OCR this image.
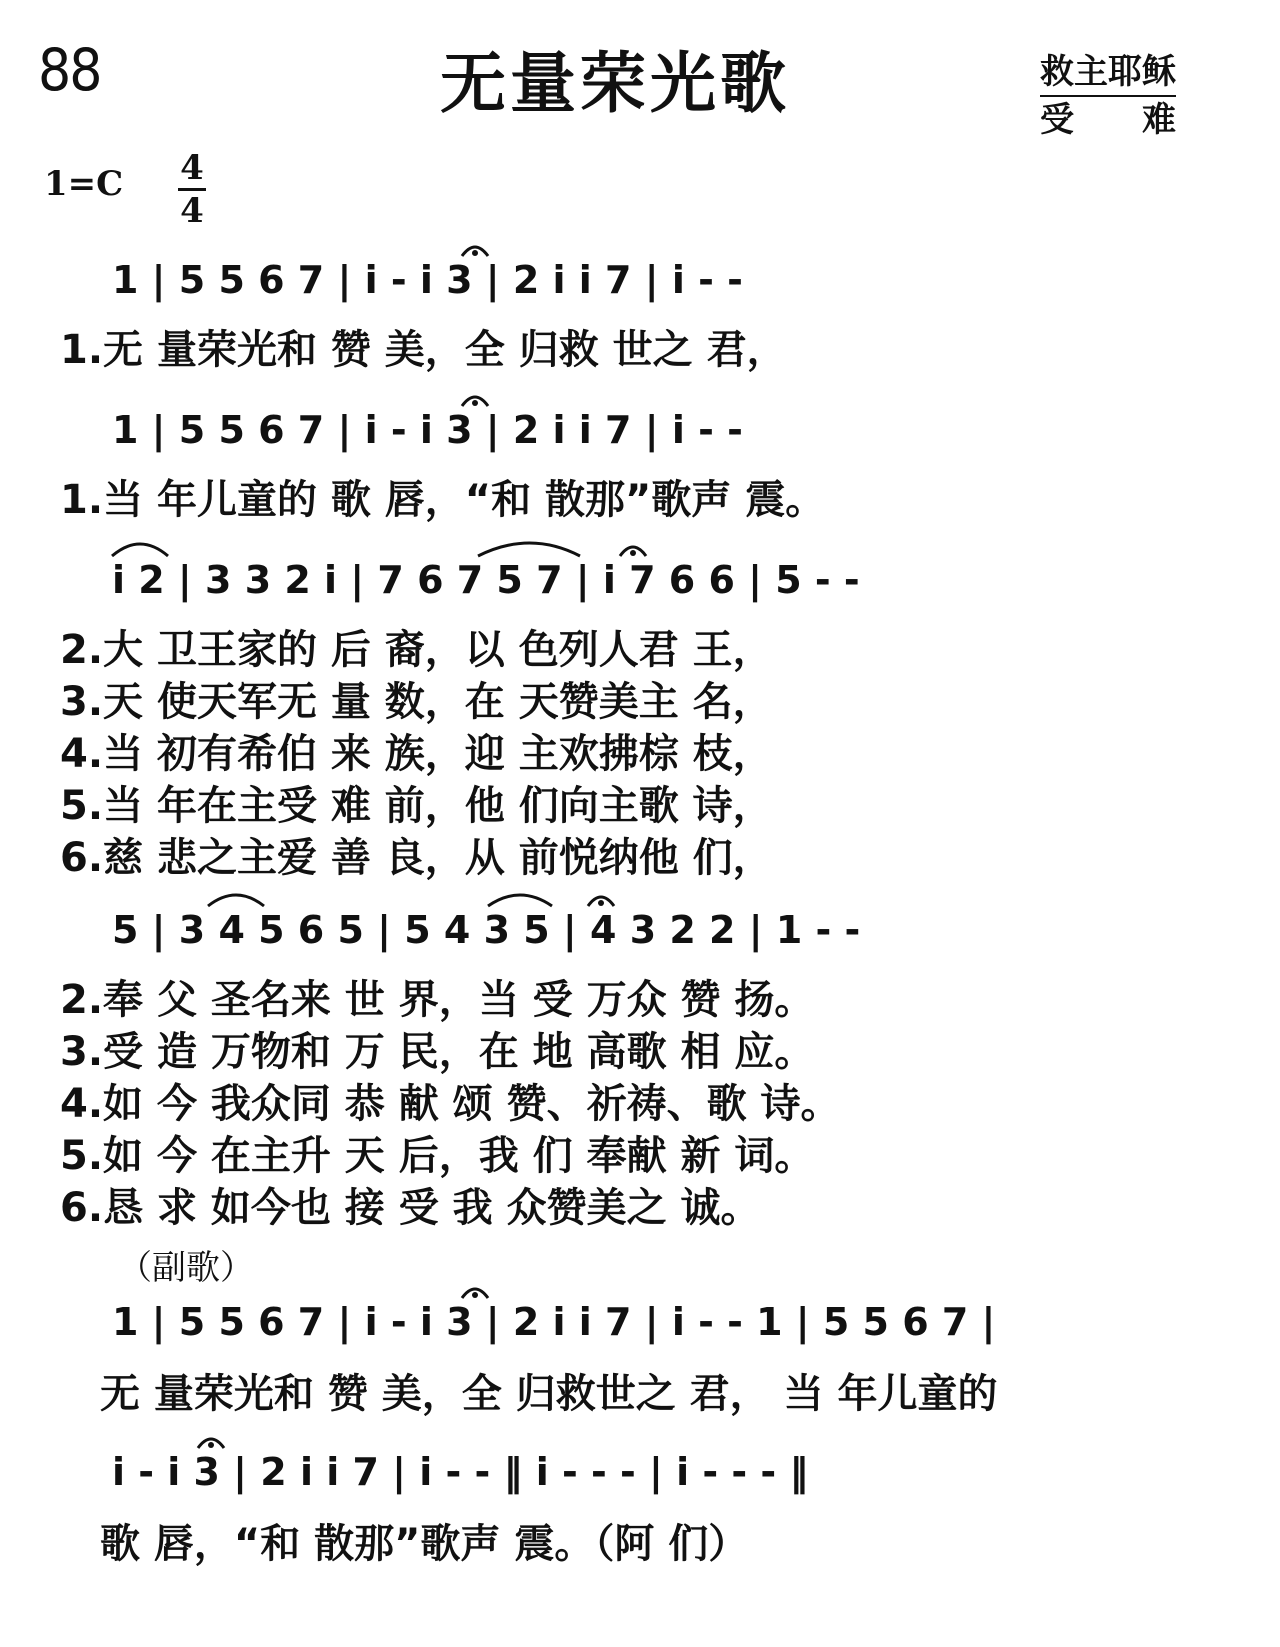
88	无量荣光歌	救主耶稣
受　　难
1=C 4
4
1 | 5 5 6 7 | i - i 3 | 2 i i 7 | i - -
1.无 量荣光和 赞 美，全 归救 世之 君，
1 | 5 5 6 7 | i - i 3 | 2 i i 7 | i - -
1.当 年儿童的 歌 唇，“和 散那”歌声 震。
i 2 | 3 3 2 i | 7 6 7 5 7 | i 7 6 6 | 5 - -
2.大 卫王家的 后 裔，以 色列人君 王，
3.天 使天军无 量 数，在 天赞美主 名，
4.当 初有希伯 来 族，迎 主欢拂棕 枝，
5.当 年在主受 难 前，他 们向主歌 诗，
6.慈 悲之主爱 善 良，从 前悦纳他 们，
5 | 3 4 5 6 5 | 5 4 3 5 | 4 3 2 2 | 1 - -
2.奉 父 圣名来 世 界，当 受 万众 赞 扬。
3.受 造 万物和 万 民，在 地 高歌 相 应。
4.如 今 我众同 恭 献 颂 赞、祈祷、歌 诗。
5.如 今 在主升 天 后，我 们 奉献 新 词。
6.恳 求 如今也 接 受 我 众赞美之 诚。
（副歌）
1 | 5 5 6 7 | i - i 3 | 2 i i 7 | i - - 1 | 5 5 6 7 |
无 量荣光和 赞 美，全 归救世之 君， 当 年儿童的
i - i 3 | 2 i i 7 | i - - ‖ i - - - | i - - - ‖
歌 唇，“和 散那”歌声 震。（阿 们）
